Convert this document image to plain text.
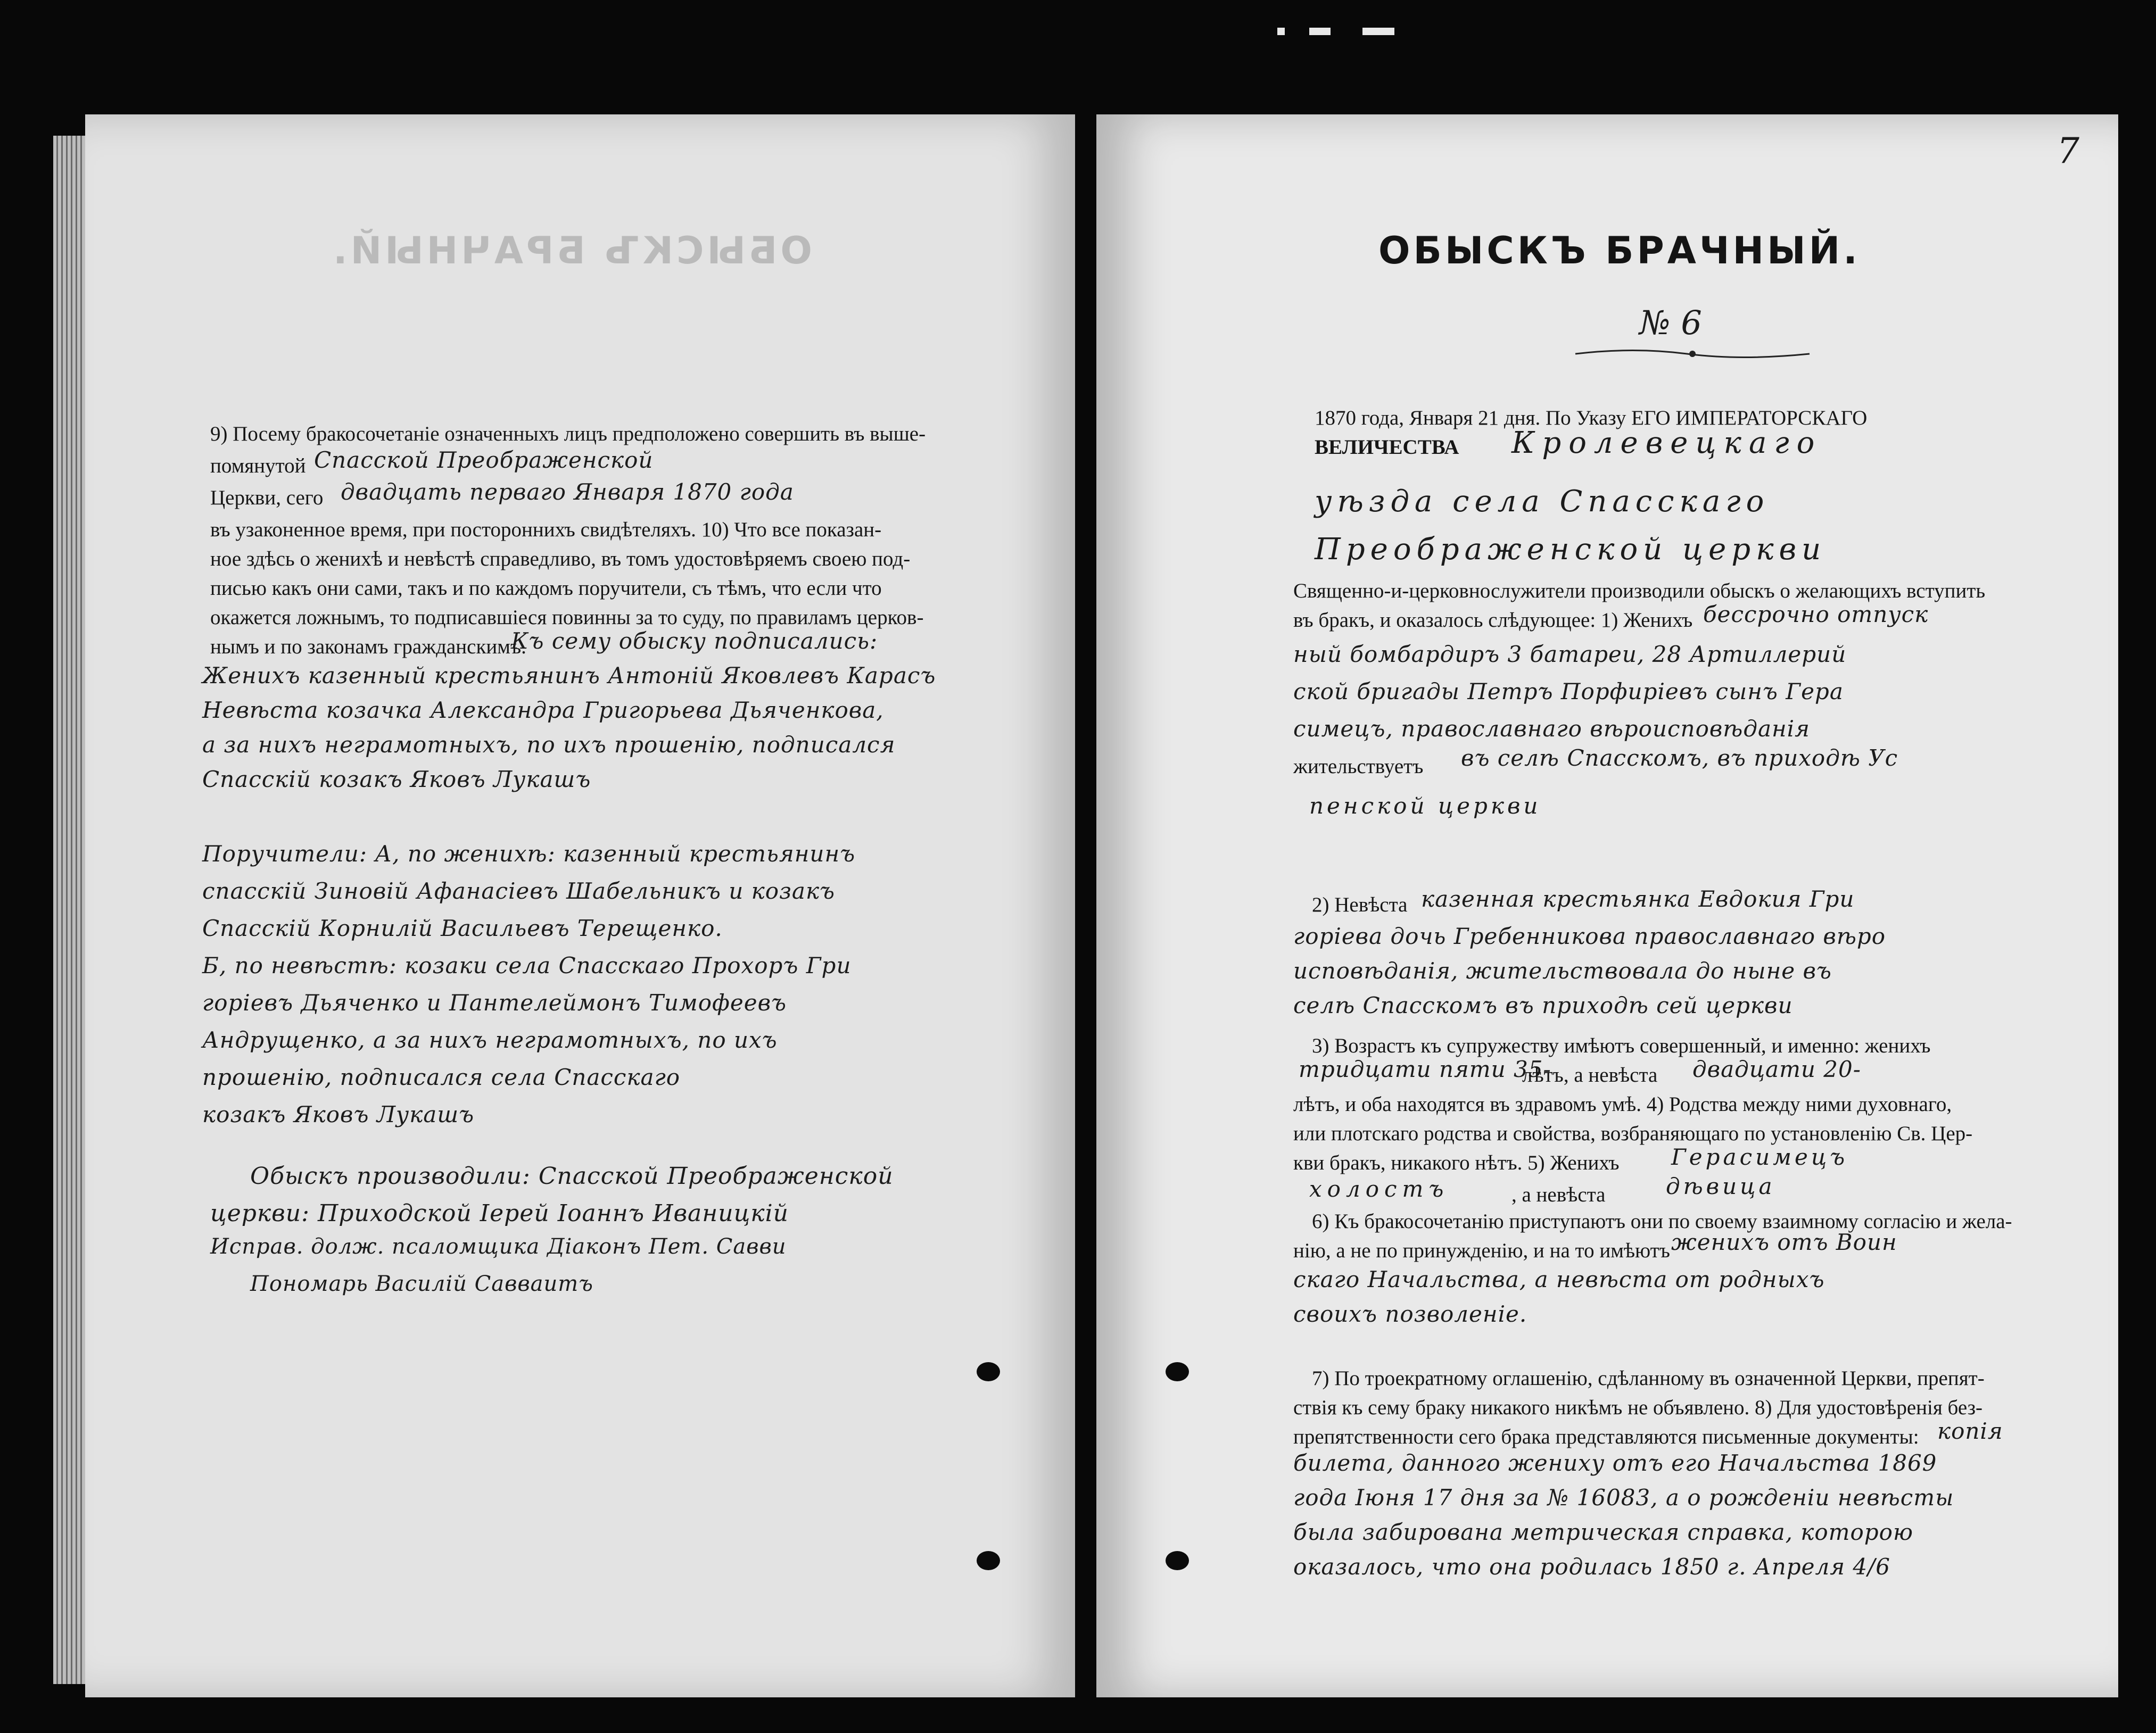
ОБЫСКЪ БРАЧНЫЙ.
9) Посему бракосочетанiе означенныхъ лицъ предположено совершить въ выше-
помянутой Спасской Преображенской
Церкви, сего двадцать перваго Января 1870 года
въ узаконенное время, при постороннихъ свидѣтеляхъ. 10) Что все показан-
ное здѣсь о женихѣ и невѣстѣ справедливо, въ томъ удостовѣряемъ своею под-
писью какъ они сами, такъ и по каждомъ поручители, съ тѣмъ, что если что
окажется ложнымъ, то подписавшiеся повинны за то суду, по правиламъ церков-
нымъ и по законамъ гражданскимъ.
Къ сему обыску подписались:
Женихъ казенный крестьянинъ Антонiй Яковлевъ Карасъ
Невѣста козачка Александра Григорьева Дьяченкова,
а за нихъ неграмотныхъ, по ихъ прошенiю, подписался
Спасскiй козакъ Яковъ Лукашъ
Поручители: А, по женихѣ: казенный крестьянинъ
спасскiй Зиновiй Афанасiевъ Шабельникъ и козакъ
Спасскiй Корнилiй Васильевъ Терещенко.
Б, по невѣстѣ: козаки села Спасскаго Прохоръ Гри
горiевъ Дьяченко и Пантелеймонъ Тимофеевъ
Андрущенко, а за нихъ неграмотныхъ, по ихъ
прошенiю, подписался села Спасскаго
козакъ Яковъ Лукашъ
Обыскъ производили: Спасской Преображенской
церкви: Приходской Iерей Iоаннъ Иваницкiй
Исправ. долж. псаломщика Дiаконъ Пет. Савви
Пономарь Василiй Савваитъ
7
ОБЫСКЪ БРАЧНЫЙ.
№ 6
1870 года, Января 21 дня. По Указу ЕГО ИМПЕРАТОРСКАГО
ВЕЛИЧЕСТВА Кролевецкаго
уѣзда села Спасскаго
Преображенской церкви
Священно-и-церковнослужители производили обыскъ о желающихъ вступить
въ бракъ, и оказалось слѣдующее: 1) Женихъ бессрочно отпуск
ный бомбардиръ 3 батареи, 28 Артиллерий
ской бригады Петръ Порфирiевъ сынъ Гера
симецъ, православнаго вѣроисповѣданiя
жительствуетъ въ селѣ Спасскомъ, въ приходѣ Ус
пенской церкви
2) Невѣста казенная крестьянка Евдокия Гри
горiева дочь Гребенникова православнаго вѣро
исповѣданiя, жительствовала до ныне въ
селѣ Спасскомъ въ приходѣ сей церкви
3) Возрастъ къ супружеству имѣютъ совершенный, и именно: женихъ
тридцати пяти 35-
лѣтъ, а невѣста двадцати 20-
лѣтъ, и оба находятся въ здравомъ умѣ. 4) Родства между ними духовнаго,
или плотскаго родства и свойства, возбраняющаго по установленiю Св. Цер-
кви бракъ, никакого нѣтъ. 5) Женихъ Герасимецъ
холостъ	, а невѣста	дѣвица
6) Къ бракосочетанiю приступаютъ они по своему взаимному согласiю и жела-
нiю, а не по принужденiю, и на то имѣютъ женихъ отъ Воин
скаго Начальства, а невѣста от родныхъ
своихъ позволенiе.
7) По троекратному оглашенiю, сдѣланному въ означенной Церкви, препят-
ствiя къ сему браку никакого никѣмъ не объявлено. 8) Для удостовѣренiя без-
препятственности сего брака представляются письменные документы: копiя
билета, данного жениху отъ его Начальства 1869
года Iюня 17 дня за № 16083, а о рожденiи невѣсты
была забирована метрическая справка, которою
оказалось, что она родилась 1850 г. Апреля 4/6
